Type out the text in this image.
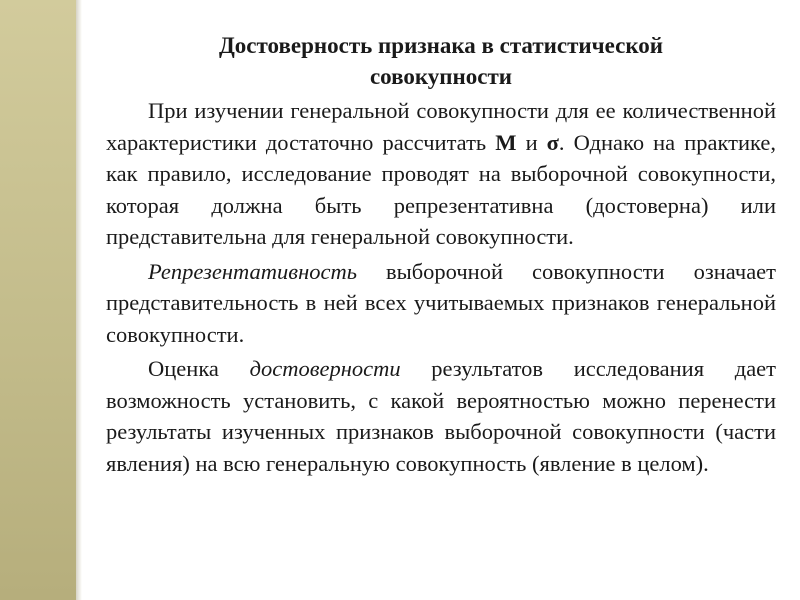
Достоверность признака в статистической
совокупности

При изучении генеральной совокупности для ее количественной характеристики достаточно рассчитать М и σ. Однако на практике, как правило, исследование проводят на выборочной совокупности, которая должна быть репрезентативна (достоверна) или представительна для генеральной совокупности.

Репрезентативность выборочной совокупности означает представительность в ней всех учитываемых признаков генеральной совокупности.

Оценка достоверности результатов исследования дает возможность установить, с какой вероятностью можно перенести результаты изученных признаков выборочной совокупности (части явления) на всю генеральную совокупность (явление в целом).
